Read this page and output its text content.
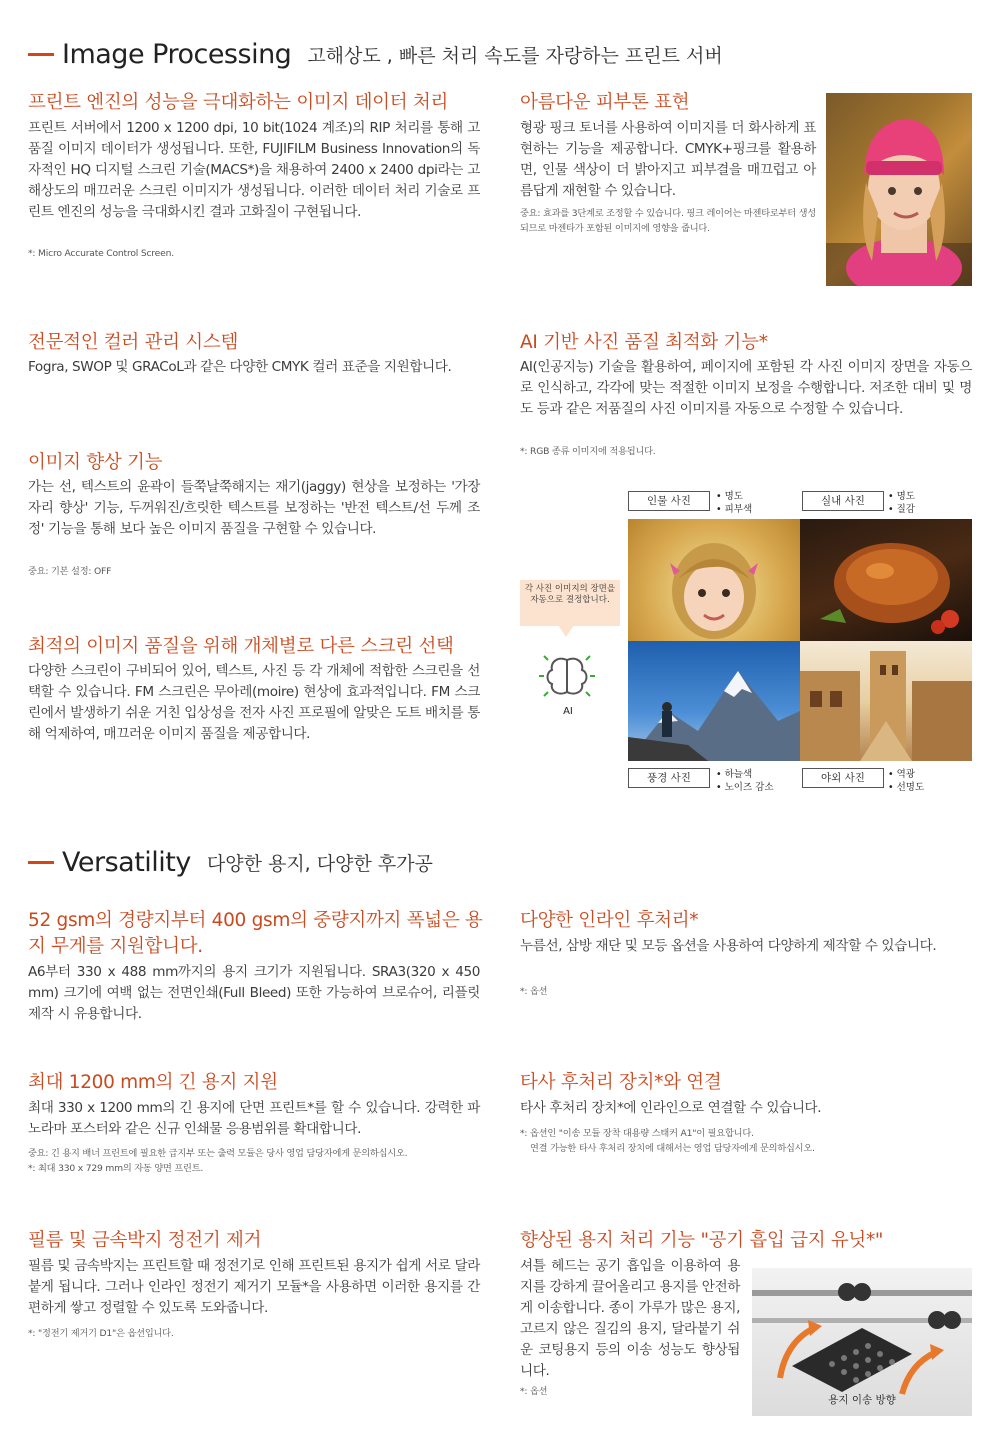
Image Processing 고해상도 , 빠른 처리 속도를 자랑하는 프린트 서버
프린트 엔진의 성능을 극대화하는 이미지 데이터 처리
프린트 서버에서 1200 x 1200 dpi, 10 bit(1024 계조)의 RIP 처리를 통해 고품질 이미지 데이터가 생성됩니다. 또한, FUJIFILM Business Innovation의 독자적인 HQ 디지털 스크린 기술(MACS*)을 채용하여 2400 x 2400 dpi라는 고해상도의 매끄러운 스크린 이미지가 생성됩니다. 이러한 데이터 처리 기술로 프린트 엔진의 성능을 극대화시킨 결과 고화질이 구현됩니다.
*: Micro Accurate Control Screen.
아름다운 피부톤 표현
형광 핑크 토너를 사용하여 이미지를 더 화사하게 표현하는 기능을 제공합니다. CMYK+핑크를 활용하면, 인물 색상이 더 밝아지고 피부결을 매끄럽고 아름답게 재현할 수 있습니다.
중요: 효과를 3단계로 조정할 수 있습니다. 핑크 레이어는 마젠타로부터 생성되므로 마젠타가 포함된 이미지에 영향을 줍니다.
전문적인 컬러 관리 시스템
Fogra, SWOP 및 GRACoL과 같은 다양한 CMYK 컬러 표준을 지원합니다.
AI 기반 사진 품질 최적화 기능*
AI(인공지능) 기술을 활용하여, 페이지에 포함된 각 사진 이미지 장면을 자동으로 인식하고, 각각에 맞는 적절한 이미지 보정을 수행합니다. 저조한 대비 및 명도 등과 같은 저품질의 사진 이미지를 자동으로 수정할 수 있습니다.
*: RGB 종류 이미지에 적용됩니다.
각 사진 이미지의 장면을 자동으로 결정합니다.
AI
인물 사진	• 명도
• 피부색
실내 사진	• 명도
• 질감
풍경 사진	• 하늘색
• 노이즈 감소
야외 사진	• 역광
• 선명도
이미지 향상 기능
가는 선, 텍스트의 윤곽이 들쭉날쭉해지는 재기(jaggy) 현상을 보정하는 '가장자리 향상' 기능, 두꺼워진/흐릿한 텍스트를 보정하는 '반전 텍스트/선 두께 조정' 기능을 통해 보다 높은 이미지 품질을 구현할 수 있습니다.
중요: 기본 설정: OFF
최적의 이미지 품질을 위해 개체별로 다른 스크린 선택
다양한 스크린이 구비되어 있어, 텍스트, 사진 등 각 개체에 적합한 스크린을 선택할 수 있습니다. FM 스크린은 무아레(moire) 현상에 효과적입니다. FM 스크린에서 발생하기 쉬운 거친 입상성을 전자 사진 프로필에 알맞은 도트 배치를 통해 억제하여, 매끄러운 이미지 품질을 제공합니다.
Versatility 다양한 용지, 다양한 후가공
52 gsm의 경량지부터 400 gsm의 중량지까지 폭넓은 용지 무게를 지원합니다.
A6부터 330 x 488 mm까지의 용지 크기가 지원됩니다. SRA3(320 x 450 mm) 크기에 여백 없는 전면인쇄(Full Bleed) 또한 가능하여 브로슈어, 리플릿 제작 시 유용합니다.
다양한 인라인 후처리*
누름선, 삼방 재단 및 모등 옵션을 사용하여 다양하게 제작할 수 있습니다.
*: 옵션
최대 1200 mm의 긴 용지 지원
최대 330 x 1200 mm의 긴 용지에 단면 프린트*를 할 수 있습니다. 강력한 파노라마 포스터와 같은 신규 인쇄물 응용범위를 확대합니다.
중요: 긴 용지 배너 프린트에 필요한 급지부 또는 출력 모듈은 당사 영업 담당자에게 문의하십시오.
*: 최대 330 x 729 mm의 자동 양면 프린트.
타사 후처리 장치*와 연결
타사 후처리 장치*에 인라인으로 연결할 수 있습니다.
*: 옵션인 "이송 모듈 장착 대용량 스태커 A1"이 필요합니다.
연결 가능한 타사 후처리 장치에 대해서는 영업 담당자에게 문의하십시오.
필름 및 금속박지 정전기 제거
필름 및 금속박지는 프린트할 때 정전기로 인해 프린트된 용지가 쉽게 서로 달라붙게 됩니다. 그러나 인라인 정전기 제거기 모듈*을 사용하면 이러한 용지를 간편하게 쌓고 정렬할 수 있도록 도와줍니다.
*: "정전기 제거기 D1"은 옵션입니다.
향상된 용지 처리 기능 "공기 흡입 급지 유닛*"
셔틀 헤드는 공기 흡입을 이용하여 용지를 강하게 끌어올리고 용지를 안전하게 이송합니다. 종이 가루가 많은 용지, 고르지 않은 질김의 용지, 달라붙기 쉬운 코팅용지 등의 이송 성능도 향상됩니다.
*: 옵션
용지 이송 방향
